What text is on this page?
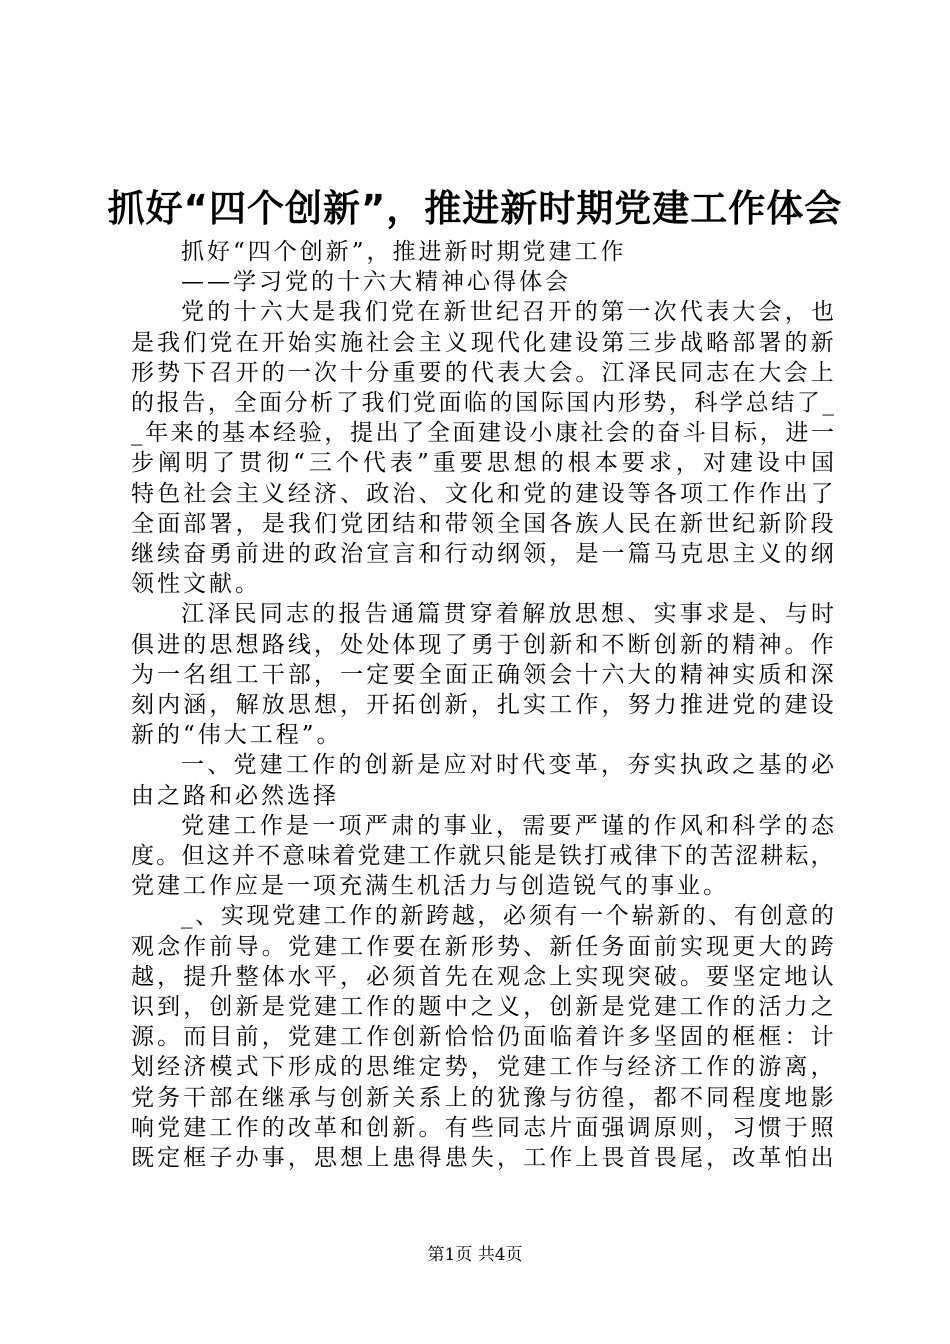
抓好“四个创新”，推进新时期党建工作体会
抓好“四个创新”，推进新时期党建工作
——学习党的十六大精神心得体会
党 的 十 六 大 是 我 们 党 在 新 世 纪 召 开 的 第 一 次 代 表 大 会 ， 也
是 我 们 党 在 开 始 实 施 社 会 主 义 现 代 化 建 设 第 三 步 战 略 部 署 的 新
形 势 下 召 开 的 一 次 十 分 重 要 的 代 表 大 会 。 江 泽 民 同 志 在 大 会 上
的 报 告 ， 全 面 分 析 了 我 们 党 面 临 的 国 际 国 内 形 势 ， 科 学 总 结 了 _
_ 年 来 的 基 本 经 验 ， 提 出 了 全 面 建 设 小 康 社 会 的 奋 斗 目 标 ， 进 一
步 阐 明 了 贯 彻 “ 三 个 代 表 ” 重 要 思 想 的 根 本 要 求 ， 对 建 设 中 国
特 色 社 会 主 义 经 济 、 政 治 、 文 化 和 党 的 建 设 等 各 项 工 作 作 出 了
全 面 部 署 ， 是 我 们 党 团 结 和 带 领 全 国 各 族 人 民 在 新 世 纪 新 阶 段
继 续 奋 勇 前 进 的 政 治 宣 言 和 行 动 纲 领 ， 是 一 篇 马 克 思 主 义 的 纲
领性文献。
江 泽 民 同 志 的 报 告 通 篇 贯 穿 着 解 放 思 想 、 实 事 求 是 、 与 时
俱 进 的 思 想 路 线 ， 处 处 体 现 了 勇 于 创 新 和 不 断 创 新 的 精 神 。 作
为 一 名 组 工 干 部 ， 一 定 要 全 面 正 确 领 会 十 六 大 的 精 神 实 质 和 深
刻 内 涵 ， 解 放 思 想 ， 开 拓 创 新 ， 扎 实 工 作 ， 努 力 推 进 党 的 建 设
新的“伟大工程”。
一 、 党 建 工 作 的 创 新 是 应 对 时 代 变 革 ， 夯 实 执 政 之 基 的 必
由之路和必然选择
党 建 工 作 是 一 项 严 肃 的 事 业 ， 需 要 严 谨 的 作 风 和 科 学 的 态
度 。 但 这 并 不 意 味 着 党 建 工 作 就 只 能 是 铁 打 戒 律 下 的 苦 涩 耕 耘 ，
党建工作应是一项充满生机活力与创造锐气的事业。
_ 、 实 现 党 建 工 作 的 新 跨 越 ， 必 须 有 一 个 崭 新 的 、 有 创 意 的
观 念 作 前 导 。 党 建 工 作 要 在 新 形 势 、 新 任 务 面 前 实 现 更 大 的 跨
越 ， 提 升 整 体 水 平 ， 必 须 首 先 在 观 念 上 实 现 突 破 。 要 坚 定 地 认
识 到 ， 创 新 是 党 建 工 作 的 题 中 之 义 ， 创 新 是 党 建 工 作 的 活 力 之
源 。 而 目 前 ， 党 建 工 作 创 新 恰 恰 仍 面 临 着 许 多 坚 固 的 框 框 ： 计
划 经 济 模 式 下 形 成 的 思 维 定 势 ， 党 建 工 作 与 经 济 工 作 的 游 离 ，
党 务 干 部 在 继 承 与 创 新 关 系 上 的 犹 豫 与 彷 徨 ， 都 不 同 程 度 地 影
响 党 建 工 作 的 改 革 和 创 新 。 有 些 同 志 片 面 强 调 原 则 ， 习 惯 于 照
既 定 框 子 办 事 ， 思 想 上 患 得 患 失 ， 工 作 上 畏 首 畏 尾 ， 改 革 怕 出
第1页 共4页
